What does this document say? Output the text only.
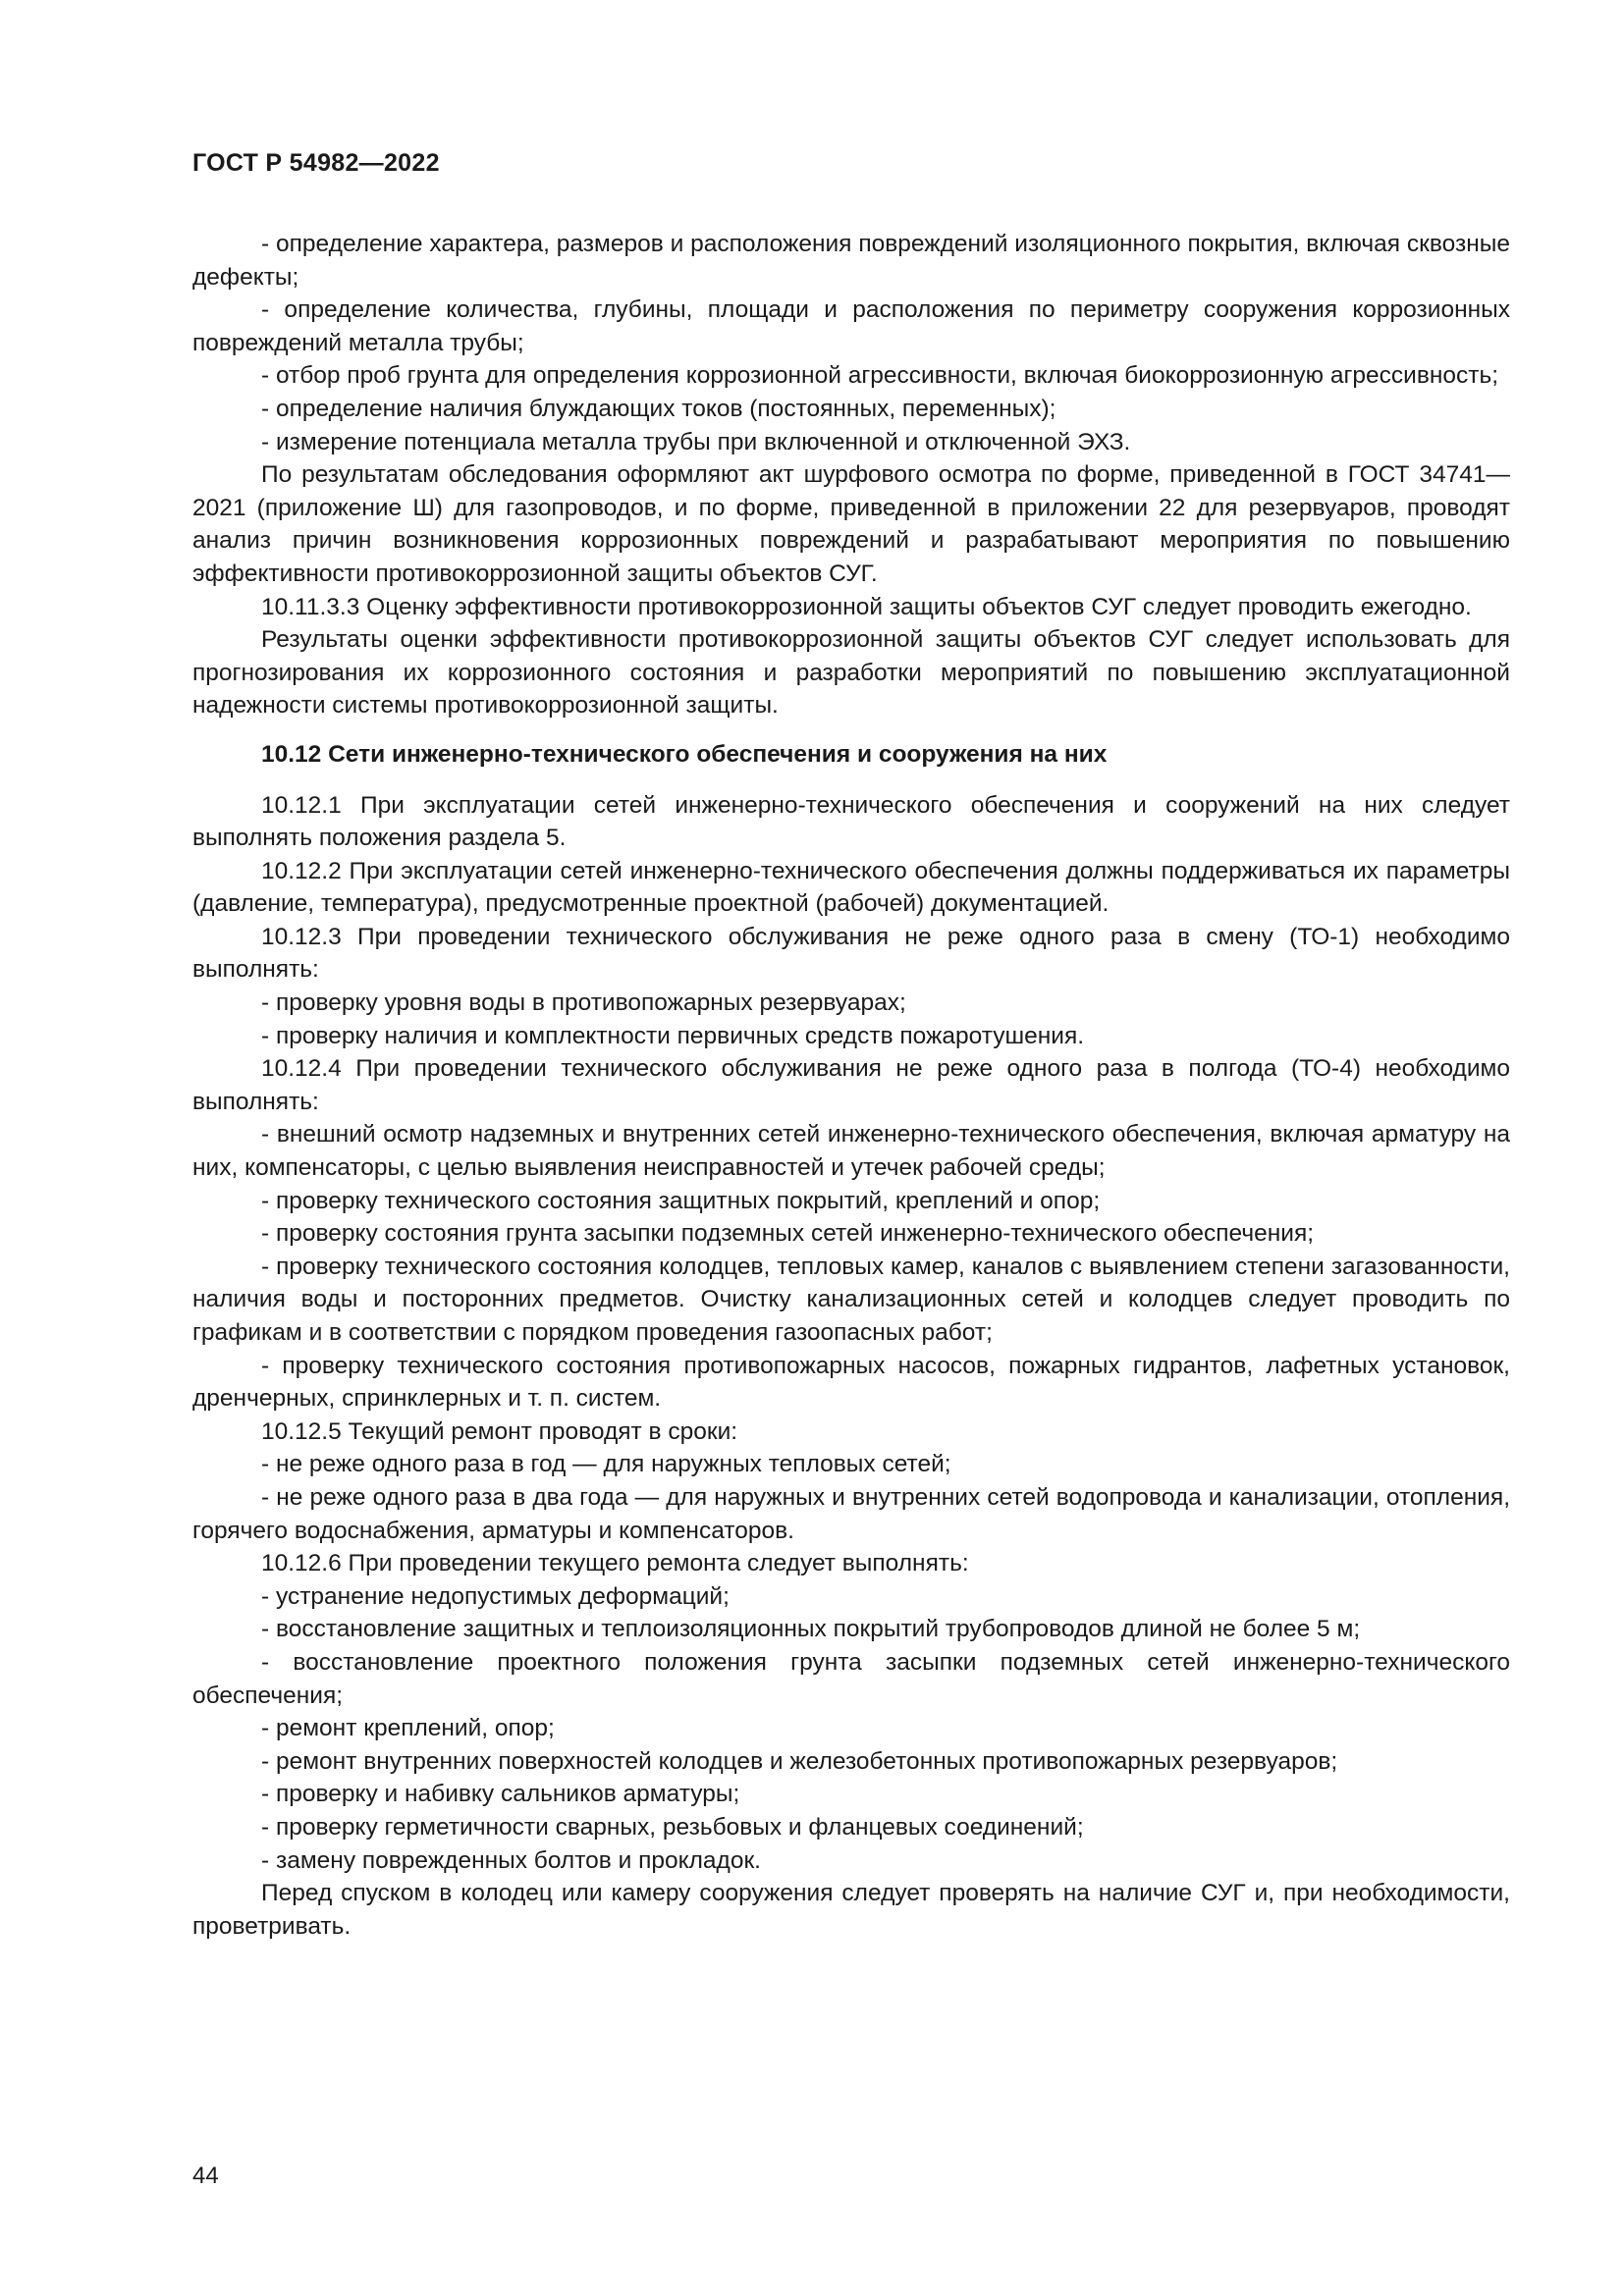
ГОСТ Р 54982—2022

- определение характера, размеров и расположения повреждений изоляционного покрытия, включая сквозные дефекты;

- определение количества, глубины, площади и расположения по периметру сооружения коррозионных повреждений металла трубы;

- отбор проб грунта для определения коррозионной агрессивности, включая биокоррозионную агрессивность;

- определение наличия блуждающих токов (постоянных, переменных);

- измерение потенциала металла трубы при включенной и отключенной ЭХЗ.

По результатам обследования оформляют акт шурфового осмотра по форме, приведенной в ГОСТ 34741—2021 (приложение Ш) для газопроводов, и по форме, приведенной в приложении 22 для резервуаров, проводят анализ причин возникновения коррозионных повреждений и разрабатывают мероприятия по повышению эффективности противокоррозионной защиты объектов СУГ.

10.11.3.3 Оценку эффективности противокоррозионной защиты объектов СУГ следует проводить ежегодно.

Результаты оценки эффективности противокоррозионной защиты объектов СУГ следует использовать для прогнозирования их коррозионного состояния и разработки мероприятий по повышению эксплуатационной надежности системы противокоррозионной защиты.

10.12 Сети инженерно-технического обеспечения и сооружения на них

10.12.1 При эксплуатации сетей инженерно-технического обеспечения и сооружений на них следует выполнять положения раздела 5.

10.12.2 При эксплуатации сетей инженерно-технического обеспечения должны поддерживаться их параметры (давление, температура), предусмотренные проектной (рабочей) документацией.

10.12.3 При проведении технического обслуживания не реже одного раза в смену (ТО-1) необходимо выполнять:

- проверку уровня воды в противопожарных резервуарах;

- проверку наличия и комплектности первичных средств пожаротушения.

10.12.4 При проведении технического обслуживания не реже одного раза в полгода (ТО-4) необходимо выполнять:

- внешний осмотр надземных и внутренних сетей инженерно-технического обеспечения, включая арматуру на них, компенсаторы, с целью выявления неисправностей и утечек рабочей среды;

- проверку технического состояния защитных покрытий, креплений и опор;

- проверку состояния грунта засыпки подземных сетей инженерно-технического обеспечения;

- проверку технического состояния колодцев, тепловых камер, каналов с выявлением степени загазованности, наличия воды и посторонних предметов. Очистку канализационных сетей и колодцев следует проводить по графикам и в соответствии с порядком проведения газоопасных работ;

- проверку технического состояния противопожарных насосов, пожарных гидрантов, лафетных установок, дренчерных, спринклерных и т. п. систем.

10.12.5 Текущий ремонт проводят в сроки:

- не реже одного раза в год — для наружных тепловых сетей;

- не реже одного раза в два года — для наружных и внутренних сетей водопровода и канализации, отопления, горячего водоснабжения, арматуры и компенсаторов.

10.12.6 При проведении текущего ремонта следует выполнять:

- устранение недопустимых деформаций;

- восстановление защитных и теплоизоляционных покрытий трубопроводов длиной не более 5 м;

- восстановление проектного положения грунта засыпки подземных сетей инженерно-технического обеспечения;

- ремонт креплений, опор;

- ремонт внутренних поверхностей колодцев и железобетонных противопожарных резервуаров;

- проверку и набивку сальников арматуры;

- проверку герметичности сварных, резьбовых и фланцевых соединений;

- замену поврежденных болтов и прокладок.

Перед спуском в колодец или камеру сооружения следует проверять на наличие СУГ и, при необходимости, проветривать.

44
